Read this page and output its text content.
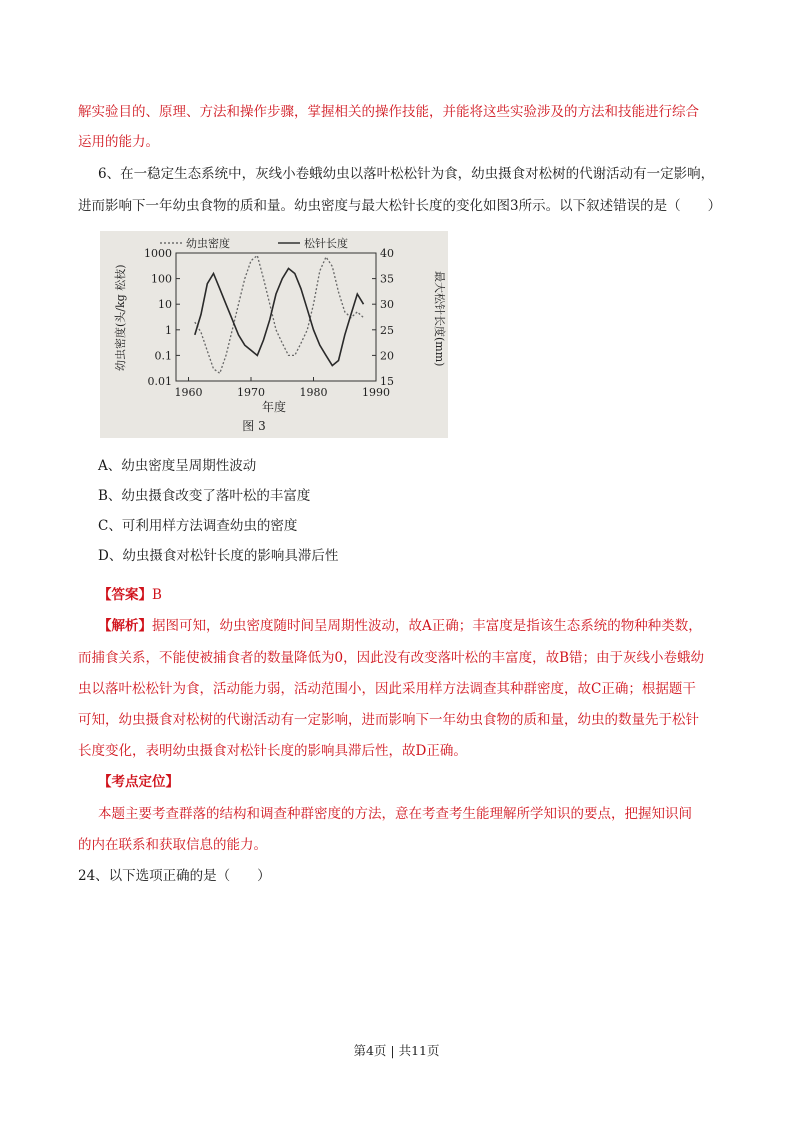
解实验目的、原理、方法和操作步骤，掌握相关的操作技能，并能将这些实验涉及的方法和技能进行综合
运用的能力。
6、在一稳定生态系统中，灰线小卷蛾幼虫以落叶松松针为食，幼虫摄食对松树的代谢活动有一定影响，
进而影响下一年幼虫食物的质和量。幼虫密度与最大松针长度的变化如图3所示。以下叙述错误的是（　　）
幼虫密度	松针长度
1000
100
10
1
0.1
0.01
40
35
30
25
20
15
1960	1970	1980	1990
幼虫密度(头/kg 松枝)	最大松针长度(mm)
年度
图 3
A、幼虫密度呈周期性波动
B、幼虫摄食改变了落叶松的丰富度
C、可利用样方法调查幼虫的密度
D、幼虫摄食对松针长度的影响具滞后性
【答案】B
【解析】据图可知，幼虫密度随时间呈周期性波动，故A正确；丰富度是指该生态系统的物种种类数，
而捕食关系，不能使被捕食者的数量降低为0，因此没有改变落叶松的丰富度，故B错；由于灰线小卷蛾幼
虫以落叶松松针为食，活动能力弱，活动范围小，因此采用样方法调查其种群密度，故C正确；根据题干
可知，幼虫摄食对松树的代谢活动有一定影响，进而影响下一年幼虫食物的质和量，幼虫的数量先于松针
长度变化，表明幼虫摄食对松针长度的影响具滞后性，故D正确。
【考点定位】
本题主要考查群落的结构和调查种群密度的方法，意在考查考生能理解所学知识的要点，把握知识间
的内在联系和获取信息的能力。
24、以下选项正确的是（　　）
第4页 | 共11页
